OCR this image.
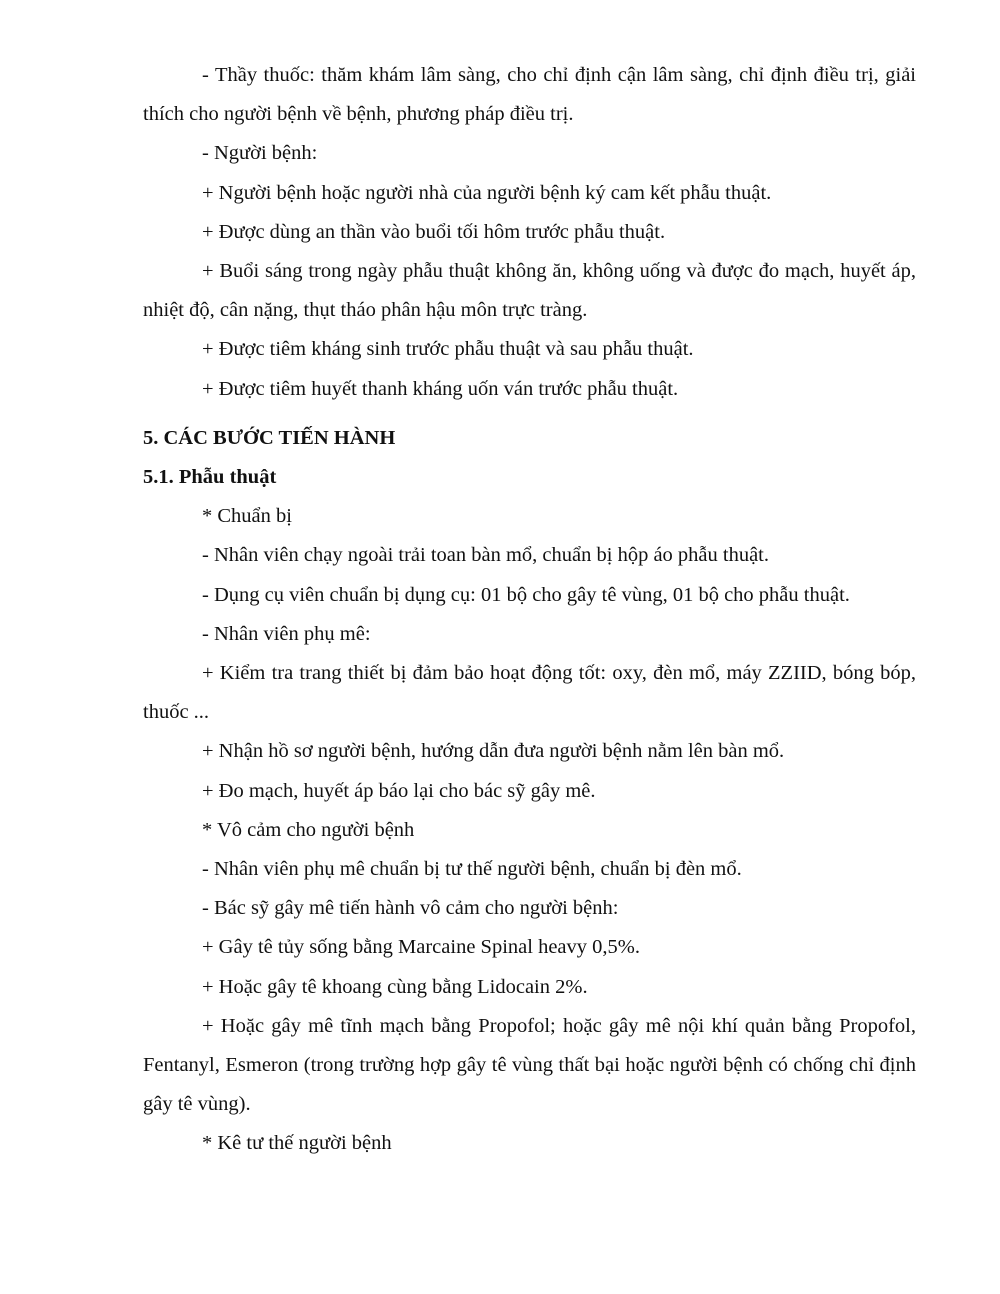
- Thầy thuốc: thăm khám lâm sàng, cho chỉ định cận lâm sàng, chỉ định điều trị, giải thích cho người bệnh về bệnh, phương pháp điều trị.

- Người bệnh:

+ Người bệnh hoặc người nhà của người bệnh ký cam kết phẫu thuật.

+ Được dùng an thần vào buổi tối hôm trước phẫu thuật.

+ Buổi sáng trong ngày phẫu thuật không ăn, không uống và được đo mạch, huyết áp, nhiệt độ, cân nặng, thụt tháo phân hậu môn trực tràng.

+ Được tiêm kháng sinh trước phẫu thuật và sau phẫu thuật.

+ Được tiêm huyết thanh kháng uốn ván trước phẫu thuật.

5. CÁC BƯỚC TIẾN HÀNH

5.1. Phẫu thuật

* Chuẩn bị

- Nhân viên chạy ngoài trải toan bàn mổ, chuẩn bị hộp áo phẫu thuật.

- Dụng cụ viên chuẩn bị dụng cụ: 01 bộ cho gây tê vùng, 01 bộ cho phẫu thuật.

- Nhân viên phụ mê:

+ Kiểm tra trang thiết bị đảm bảo hoạt động tốt: oxy, đèn mổ, máy ZZIID, bóng bóp, thuốc ...

+ Nhận hồ sơ người bệnh, hướng dẫn đưa người bệnh nằm lên bàn mổ.

+ Đo mạch, huyết áp báo lại cho bác sỹ gây mê.

* Vô cảm cho người bệnh

- Nhân viên phụ mê chuẩn bị tư thế người bệnh, chuẩn bị đèn mổ.

- Bác sỹ gây mê tiến hành vô cảm cho người bệnh:

+ Gây tê tủy sống bằng Marcaine Spinal heavy 0,5%.

+ Hoặc gây tê khoang cùng bằng Lidocain 2%.

+ Hoặc gây mê tĩnh mạch bằng Propofol; hoặc gây mê nội khí quản bằng Propofol, Fentanyl, Esmeron (trong trường hợp gây tê vùng thất bại hoặc người bệnh có chống chỉ định gây tê vùng).

* Kê tư thế người bệnh
